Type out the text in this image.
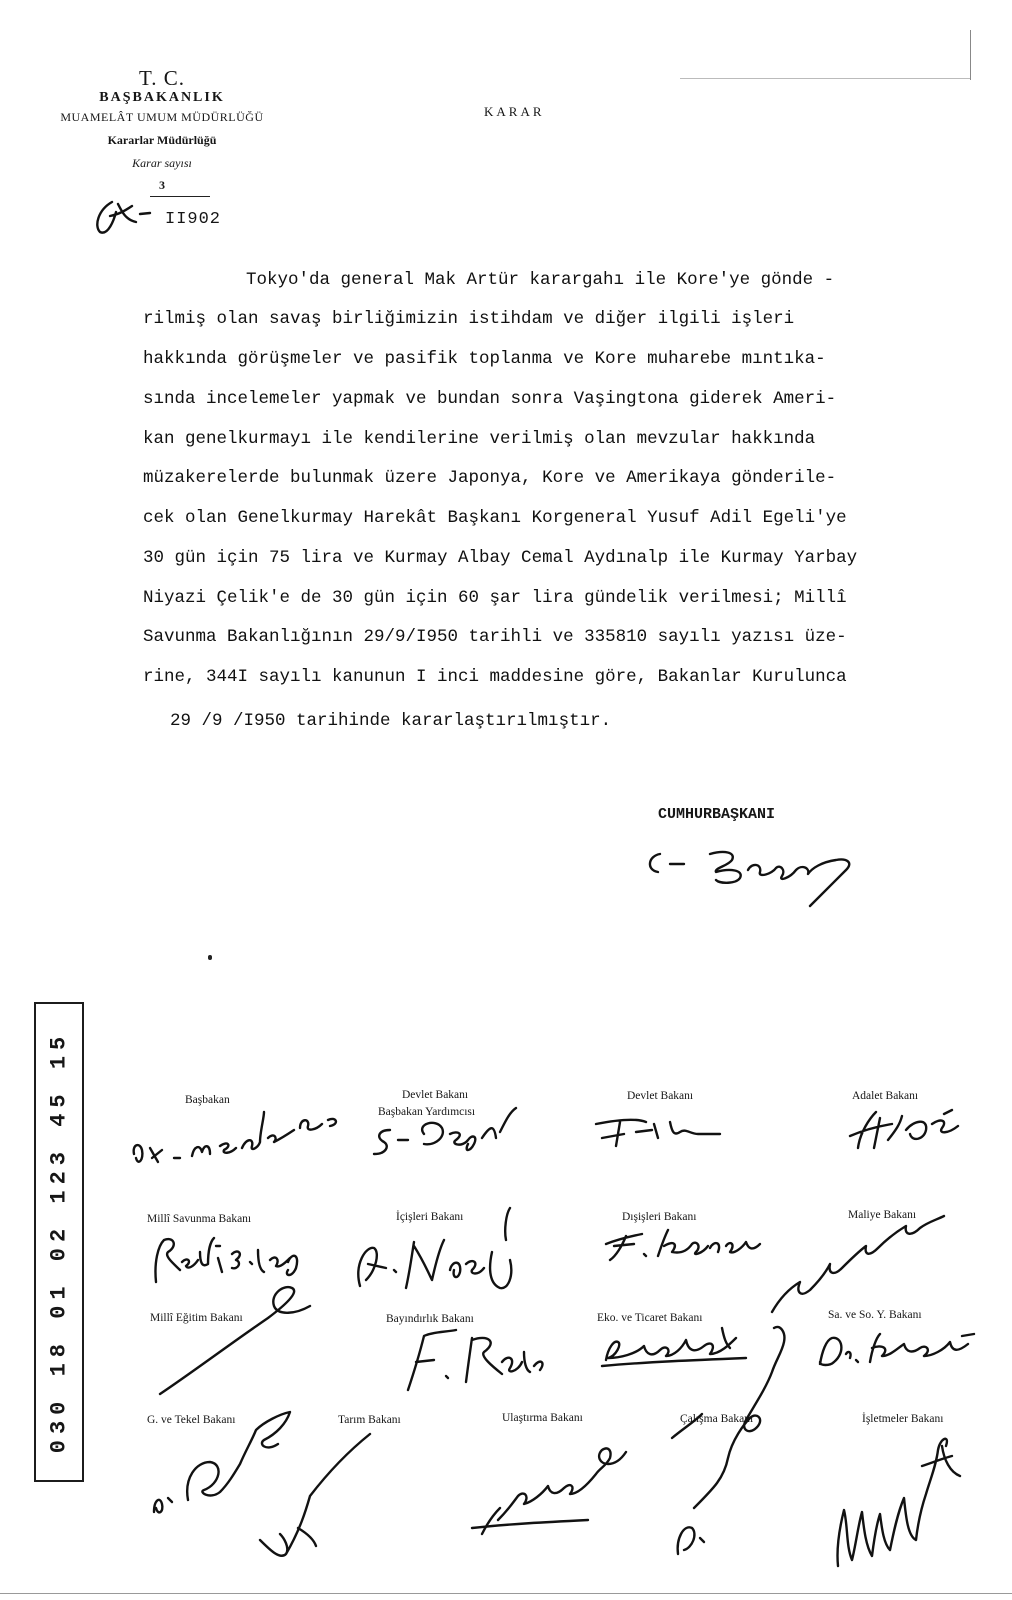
T. C.
BAŞBAKANLIK
MUAMELÂT UMUM MÜDÜRLÜĞÜ
Kararlar Müdürlüğü
Karar sayısı
3
II902
KARAR
Tokyo'da general Mak Artür karargahı ile Kore'ye gönde -
rilmiş olan savaş birliğimizin istihdam ve diğer ilgili işleri
hakkında görüşmeler ve pasifik toplanma ve Kore muharebe mıntıka-
sında incelemeler yapmak ve bundan sonra Vaşingtona giderek Ameri-
kan genelkurmayı ile kendilerine verilmiş olan mevzular hakkında
müzakerelerde bulunmak üzere Japonya, Kore ve Amerikaya gönderile-
cek olan Genelkurmay Harekât Başkanı Korgeneral Yusuf Adil Egeli'ye
30 gün için 75 lira ve Kurmay Albay Cemal Aydınalp ile Kurmay Yarbay
Niyazi Çelik'e de 30 gün için 60 şar lira gündelik verilmesi; Millî
Savunma Bakanlığının 29/9/I950 tarihli ve 335810 sayılı yazısı üze-
rine, 344I sayılı kanunun I inci maddesine göre, Bakanlar Kurulunca
29 /9 /I950 tarihinde kararlaştırılmıştır.
CUMHURBAŞKANI
030 18 01 02 123 45 15	Başbakan	Devlet Bakanı
Başbakan Yardımcısı
Devlet Bakanı	Adalet Bakanı
Millî Savunma Bakanı	İçişleri Bakanı	Dışişleri Bakanı	Maliye Bakanı
Millî Eğitim Bakanı	Bayındırlık Bakanı	Eko. ve Ticaret Bakanı	Sa. ve So. Y. Bakanı
G. ve Tekel Bakanı	Tarım Bakanı	Ulaştırma Bakanı	Çalışma Bakanı	İşletmeler Bakanı
